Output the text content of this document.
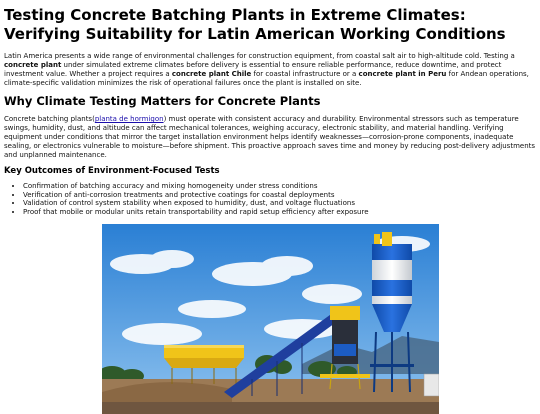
Testing Concrete Batching Plants in Extreme Climates: Verifying Suitability for Latin American Working Conditions

Latin America presents a wide range of environmental challenges for construction equipment, from coastal salt air to high-altitude cold. Testing a concrete plant under simulated extreme climates before delivery is essential to ensure reliable performance, reduce downtime, and protect investment value. Whether a project requires a concrete plant Chile for coastal infrastructure or a concrete plant in Peru for Andean operations, climate-specific validation minimizes the risk of operational failures once the plant is installed on site.

Why Climate Testing Matters for Concrete Plants

Concrete batching plants(planta de hormigon) must operate with consistent accuracy and durability. Environmental stressors such as temperature swings, humidity, dust, and altitude can affect mechanical tolerances, weighing accuracy, electronic stability, and material handling. Verifying equipment under conditions that mirror the target installation environment helps identify weaknesses—corrosion-prone components, inadequate sealing, or electronics vulnerable to moisture—before shipment. This proactive approach saves time and money by reducing post-delivery adjustments and unplanned maintenance.

Key Outcomes of Environment-Focused Tests
• Confirmation of batching accuracy and mixing homogeneity under stress conditions
• Verification of anti-corrosion treatments and protective coatings for coastal deployments
• Validation of control system stability when exposed to humidity, dust, and voltage fluctuations
• Proof that mobile or modular units retain transportability and rapid setup efficiency after exposure
